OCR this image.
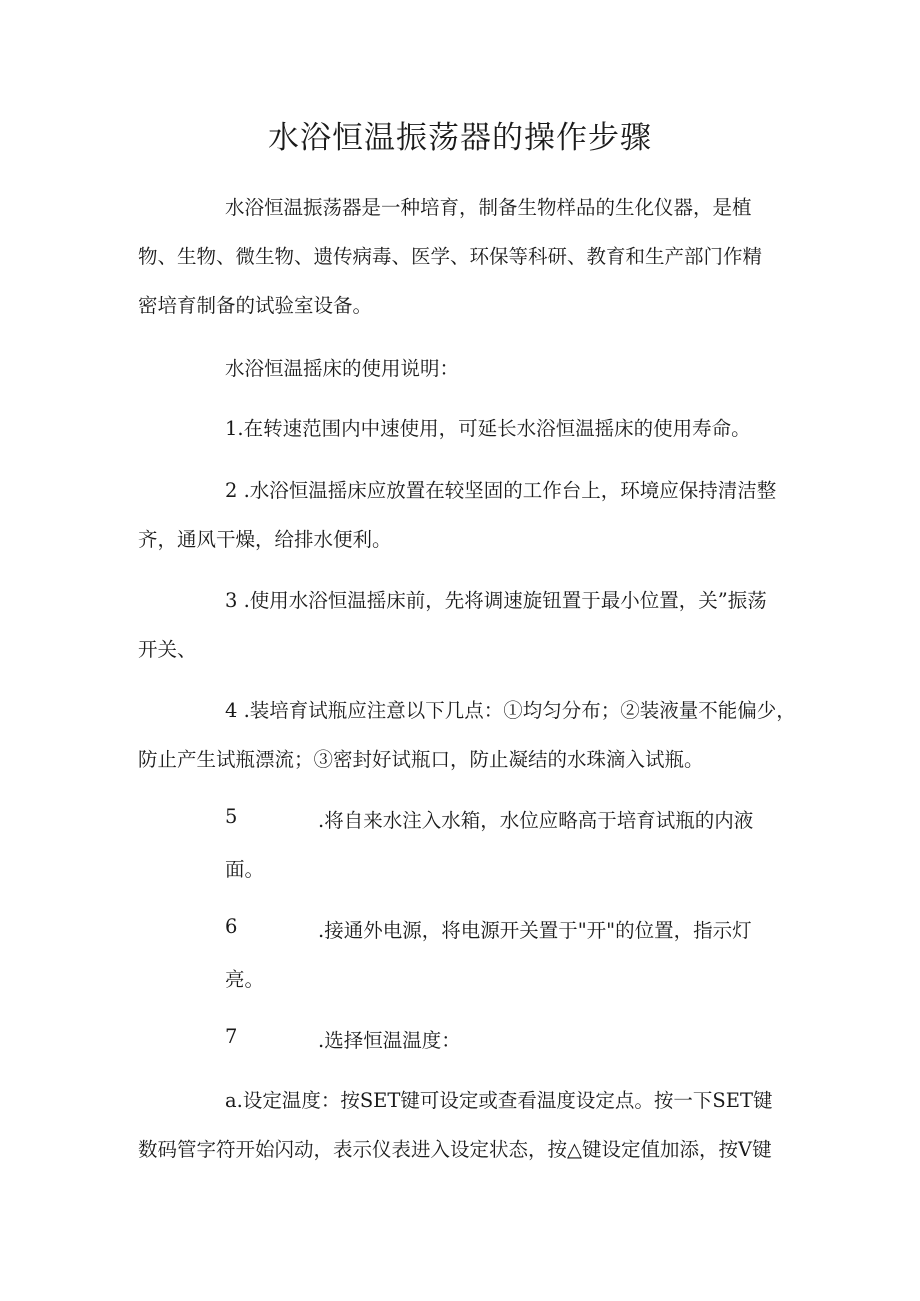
水浴恒温振荡器的操作步骤

水浴恒温振荡器是一种培育，制备生物样品的生化仪器，是植

物、生物、微生物、遗传病毒、医学、环保等科研、教育和生产部门作精

密培育制备的试验室设备。

水浴恒温摇床的使用说明：

1.在转速范围内中速使用，可延长水浴恒温摇床的使用寿命。

2 .水浴恒温摇床应放置在较坚固的工作台上，环境应保持清洁整

齐，通风干燥，给排水便利。

3 .使用水浴恒温摇床前，先将调速旋钮置于最小位置，关”振荡

开关、

4 .装培育试瓶应注意以下几点：①均匀分布；②装液量不能偏少，

防止产生试瓶漂流；③密封好试瓶口，防止凝结的水珠滴入试瓶。

5	.将自来水注入水箱，水位应略高于培育试瓶的内液

面。

6	.接通外电源，将电源开关置于"开"的位置，指示灯

亮。

7	.选择恒温温度：

a.设定温度：按SET键可设定或查看温度设定点。按一下SET键

数码管字符开始闪动，表示仪表进入设定状态，按△键设定值加添，按V键
